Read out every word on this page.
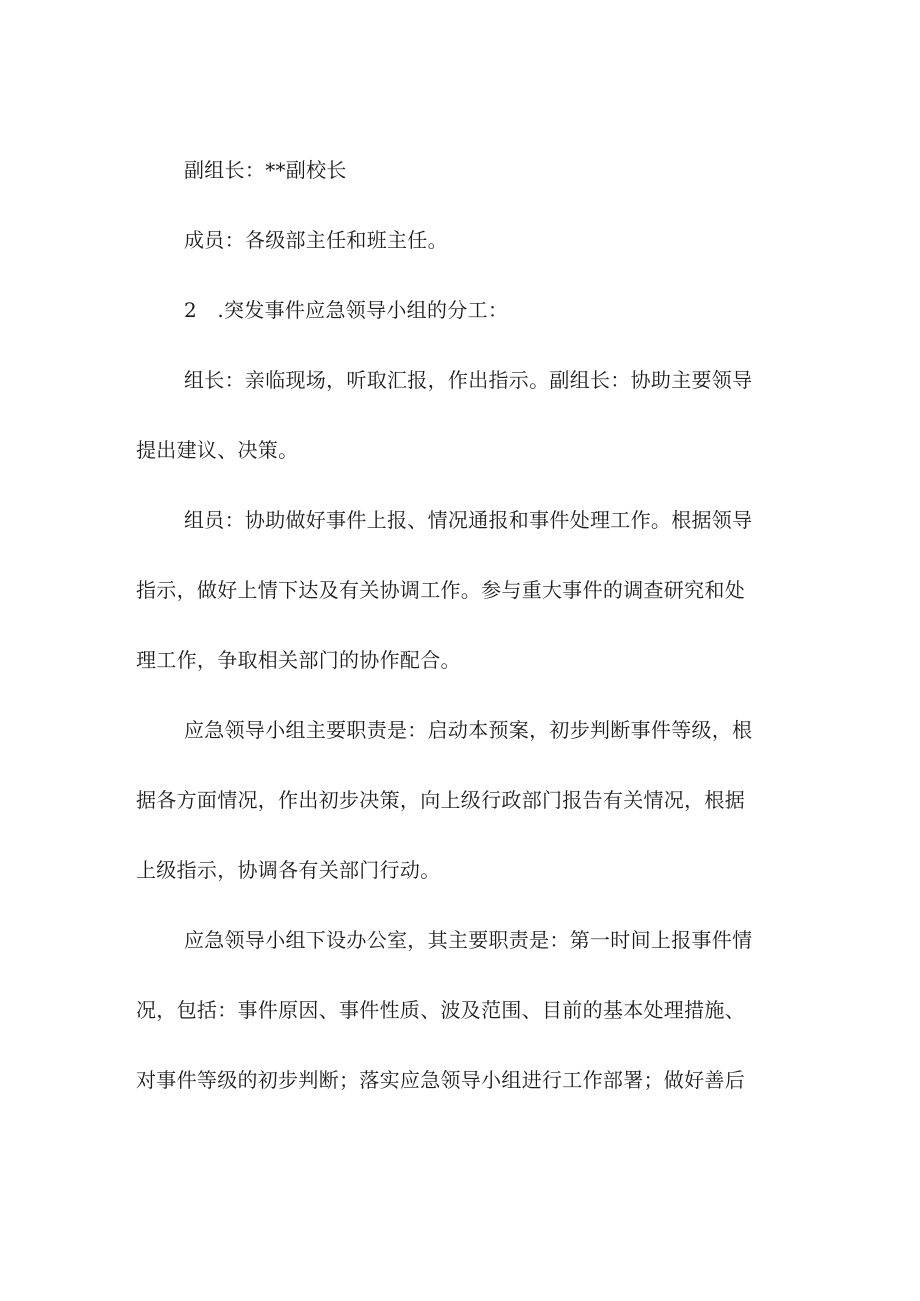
副组长：**副校长
成员：各级部主任和班主任。
2　.突发事件应急领导小组的分工：
组长：亲临现场，听取汇报，作出指示。副组长：协助主要领导
提出建议、决策。
组员：协助做好事件上报、情况通报和事件处理工作。根据领导
指示，做好上情下达及有关协调工作。参与重大事件的调查研究和处
理工作，争取相关部门的协作配合。
应急领导小组主要职责是：启动本预案，初步判断事件等级，根
据各方面情况，作出初步决策，向上级行政部门报告有关情况，根据
上级指示，协调各有关部门行动。
应急领导小组下设办公室，其主要职责是：第一时间上报事件情
况，包括：事件原因、事件性质、波及范围、目前的基本处理措施、
对事件等级的初步判断；落实应急领导小组进行工作部署；做好善后
